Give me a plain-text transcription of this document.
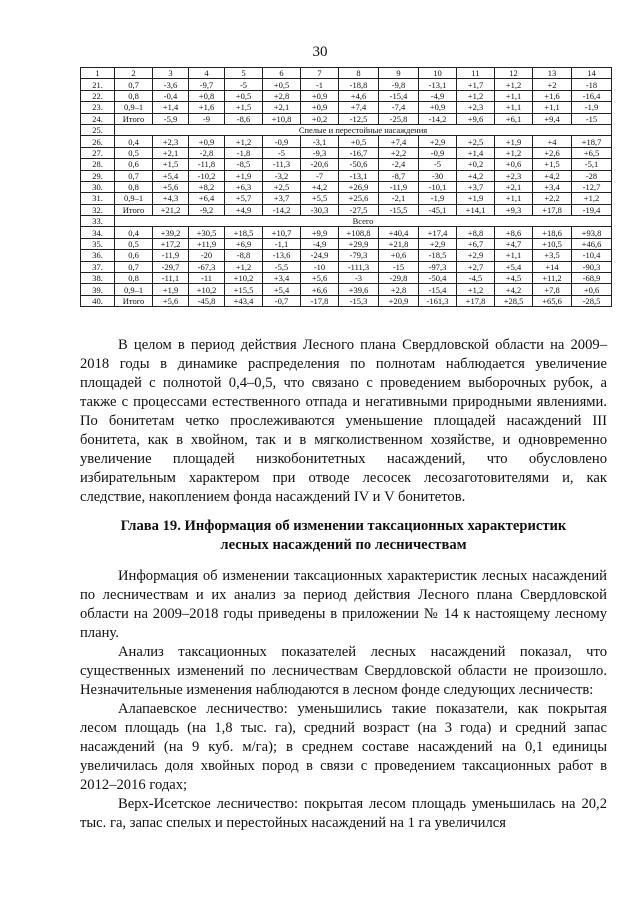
30
1	2	3	4	5	6	7	8	9	10	11	12	13	14
21.	0,7	-3,6	-9,7	-5	+0,5	-1	-18,8	-9,8	-13,1	+1,7	+1,2	+2	-18
22.	0,8	-0,4	+0,8	+0,5	+2,8	+0,9	+4,6	-15,4	-4,9	+1,2	+1,1	+1,6	-16,4
23.	0,9–1	+1,4	+1,6	+1,5	+2,1	+0,9	+7,4	-7,4	+0,9	+2,3	+1,1	+1,1	-1,9
24.	Итого	-5,9	-9	-8,6	+10,8	+0,2	-12,5	-25,8	-14,2	+9,6	+6,1	+9,4	-15
25.	Спелые и перестойные насаждения												
26.	0,4	+2,3	+0,9	+1,2	-0,9	-3,1	+0,5	+7,4	+2,9	+2,5	+1,9	+4	+18,7
27.	0,5	+2,1	-2,8	-1,8	-5	-9,3	-16,7	+2,2	-0,9	+1,4	+1,2	+2,6	+6,5
28.	0,6	+1,5	-11,8	-8,5	-11,3	-20,6	-50,6	-2,4	-5	+0,2	+0,6	+1,5	-5,1
29.	0,7	+5,4	-10,2	+1,9	-3,2	-7	-13,1	-8,7	-30	+4,2	+2,3	+4,2	-28
30.	0,8	+5,6	+8,2	+6,3	+2,5	+4,2	+26,9	-11,9	-10,1	+3,7	+2,1	+3,4	-12,7
31.	0,9–1	+4,3	+6,4	+5,7	+3,7	+5,5	+25,6	-2,1	-1,9	+1,9	+1,1	+2,2	+1,2
32.	Итого	+21,2	-9,2	+4,9	-14,2	-30,3	-27,5	-15,5	-45,1	+14,1	+9,3	+17,8	-19,4
33.	Всего												
34.	0,4	+39,2	+30,5	+18,5	+10,7	+9,9	+108,8	+40,4	+17,4	+8,8	+8,6	+18,6	+93,8
35.	0,5	+17,2	+11,9	+6,9	-1,1	-4,9	+29,9	+21,8	+2,9	+6,7	+4,7	+10,5	+46,6
36.	0,6	-11,9	-20	-8,8	-13,6	-24,9	-79,3	+0,6	-18,5	+2,9	+1,1	+3,5	-10,4
37.	0,7	-29,7	-67,3	+1,2	-5,5	-10	-111,3	-15	-97,3	+2,7	+5,4	+14	-90,3
38.	0,8	-11,1	-11	+10,2	+3,4	+5,6	-3	-29,8	-50,4	-4,5	+4,5	+11,2	-68,9
39.	0,9–1	+1,9	+10,2	+15,5	+5,4	+6,6	+39,6	+2,8	-15,4	+1,2	+4,2	+7,8	+0,6
40.	Итого	+5,6	-45,8	+43,4	-0,7	-17,8	-15,3	+20,9	-161,3	+17,8	+28,5	+65,6	-28,5

В целом в период действия Лесного плана Свердловской области на 2009–2018 годы в динамике распределения по полнотам наблюдается увеличение площадей с полнотой 0,4–0,5, что связано с проведением выборочных рубок, а также с процессами естественного отпада и негативными природными явлениями. По бонитетам четко прослеживаются уменьшение площадей насаждений III бонитета, как в хвойном, так и в мягколиственном хозяйстве, и одновременно увеличение площадей низкобонитетных насаждений, что обусловлено избирательным характером при отводе лесосек лесозаготовителями и, как следствие, накоплением фонда насаждений IV и V бонитетов.

Глава 19. Информация об изменении таксационных характеристик
лесных насаждений по лесничествам

Информация об изменении таксационных характеристик лесных насаждений по лесничествам и их анализ за период действия Лесного плана Свердловской области на 2009–2018 годы приведены в приложении № 14 к настоящему лесному плану.

Анализ таксационных показателей лесных насаждений показал, что существенных изменений по лесничествам Свердловской области не произошло. Незначительные изменения наблюдаются в лесном фонде следующих лесничеств:

Алапаевское лесничество: уменьшились такие показатели, как покрытая лесом площадь (на 1,8 тыс. га), средний возраст (на 3 года) и средний запас насаждений (на 9 куб. м/га); в среднем составе насаждений на 0,1 единицы увеличилась доля хвойных пород в связи с проведением таксационных работ в 2012–2016 годах;

Верх-Исетское лесничество: покрытая лесом площадь уменьшилась на 20,2 тыс. га, запас спелых и перестойных насаждений на 1 га увеличился
